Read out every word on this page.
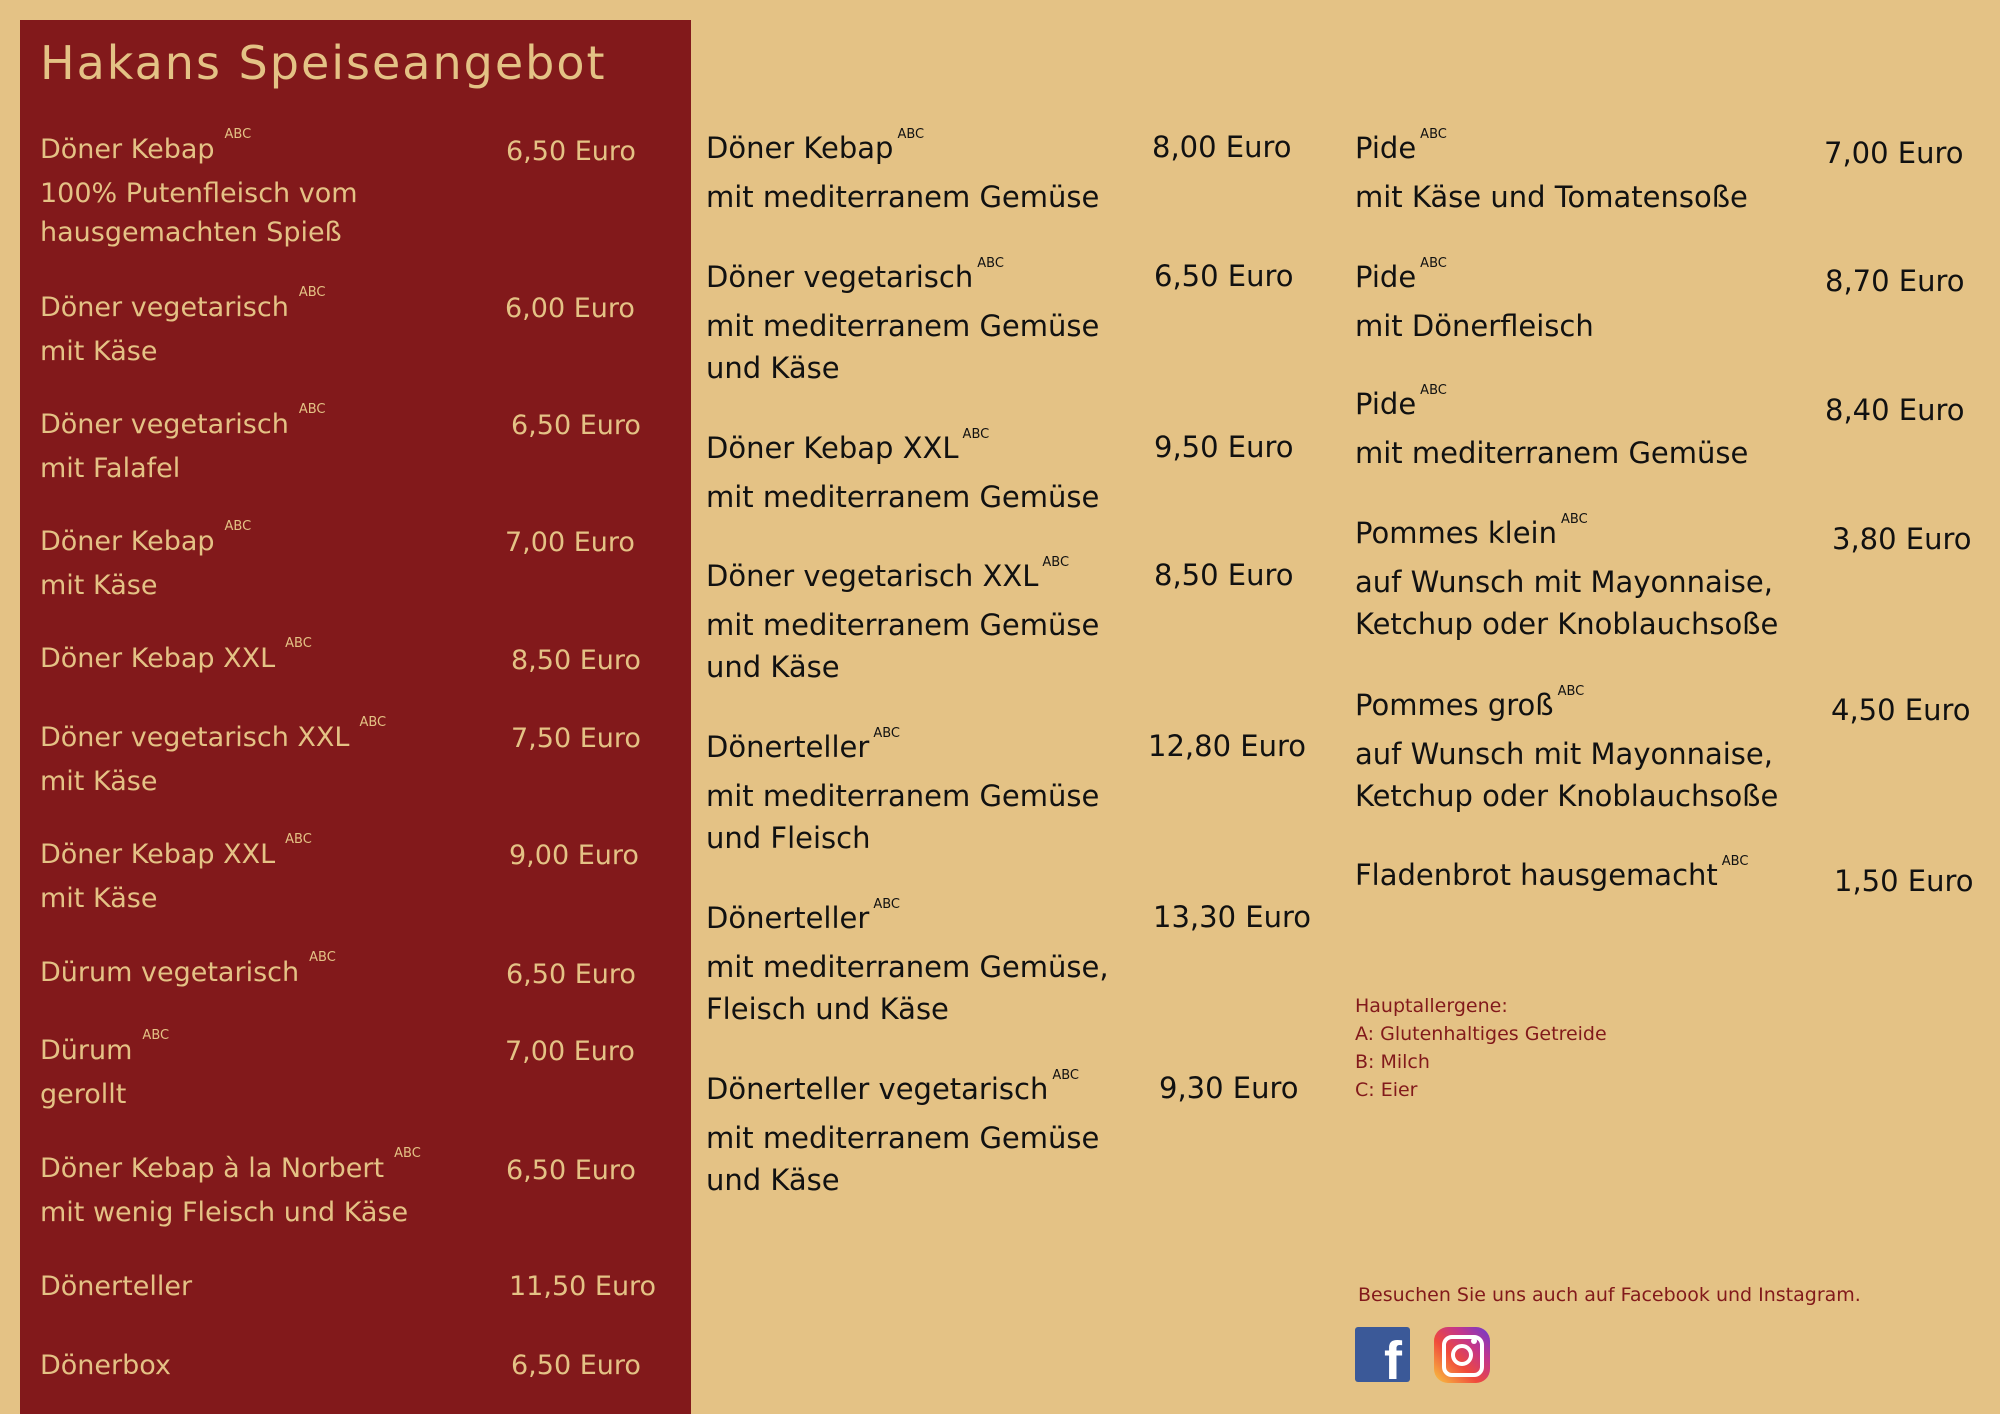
Hakans Speiseangebot
Döner Kebap $^{ABC}$
100% Putenfleisch vom
hausgemachten Spieß
6,50 Euro
Döner vegetarisch $^{ABC}$
mit Käse
6,00 Euro
Döner vegetarisch $^{ABC}$
mit Falafel
6,50 Euro
Döner Kebap $^{ABC}$
mit Käse
7,00 Euro
Döner Kebap XXL $^{ABC}$
8,50 Euro
Döner vegetarisch XXL $^{ABC}$
mit Käse
7,50 Euro
Döner Kebap XXL $^{ABC}$
mit Käse
9,00 Euro
Dürum vegetarisch $^{ABC}$
6,50 Euro
Dürum $^{ABC}$
gerollt
7,00 Euro
Döner Kebap à la Norbert $^{ABC}$
mit wenig Fleisch und Käse
6,50 Euro
Dönerteller	11,50 Euro
Dönerbox	6,50 Euro
Döner Kebap $^{ABC}$
mit mediterranem Gemüse
8,00 Euro
Döner vegetarisch $^{ABC}$
mit mediterranem Gemüse
und Käse
6,50 Euro
Döner Kebap XXL $^{ABC}$
mit mediterranem Gemüse
9,50 Euro
Döner vegetarisch XXL $^{ABC}$
mit mediterranem Gemüse
und Käse
8,50 Euro
Dönerteller $^{ABC}$
mit mediterranem Gemüse
und Fleisch
12,80 Euro
Dönerteller $^{ABC}$
mit mediterranem Gemüse,
Fleisch und Käse
13,30 Euro
Dönerteller vegetarisch $^{ABC}$
mit mediterranem Gemüse
und Käse
9,30 Euro
Pide $^{ABC}$
mit Käse und Tomatensoße
7,00 Euro
Pide $^{ABC}$
mit Dönerfleisch
8,70 Euro
Pide $^{ABC}$
mit mediterranem Gemüse
8,40 Euro
Pommes klein $^{ABC}$
auf Wunsch mit Mayonnaise,
Ketchup oder Knoblauchsoße
3,80 Euro
Pommes groß $^{ABC}$
auf Wunsch mit Mayonnaise,
Ketchup oder Knoblauchsoße
4,50 Euro
Fladenbrot hausgemacht $^{ABC}$
1,50 Euro
Hauptallergene:
A: Glutenhaltiges Getreide
B: Milch
C: Eier
Besuchen Sie uns auch auf Facebook und Instagram.
f
